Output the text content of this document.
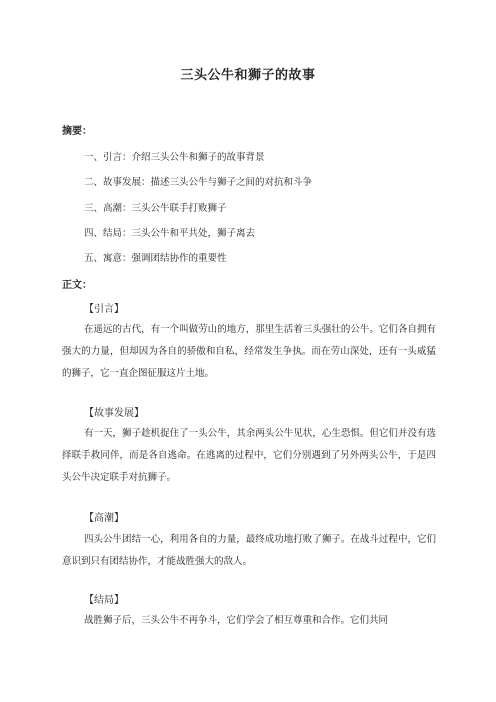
三头公牛和狮子的故事
摘要：
一、引言：介绍三头公牛和狮子的故事背景
二、故事发展：描述三头公牛与狮子之间的对抗和斗争
三、高潮：三头公牛联手打败狮子
四、结局：三头公牛和平共处，狮子离去
五、寓意：强调团结协作的重要性
正文：
【引言】
在遥远的古代，有一个叫做劳山的地方，那里生活着三头强壮的公牛。它们各自拥有强大的力量，但却因为各自的骄傲和自私，经常发生争执。而在劳山深处，还有一头威猛的狮子，它一直企图征服这片土地。
【故事发展】
有一天，狮子趁机捉住了一头公牛，其余两头公牛见状，心生恐惧。但它们并没有选择联手救同伴，而是各自逃命。在逃离的过程中，它们分别遇到了另外两头公牛，于是四头公牛决定联手对抗狮子。
【高潮】
四头公牛团结一心，利用各自的力量，最终成功地打败了狮子。在战斗过程中，它们意识到只有团结协作，才能战胜强大的敌人。
【结局】
战胜狮子后，三头公牛不再争斗，它们学会了相互尊重和合作。它们共同
